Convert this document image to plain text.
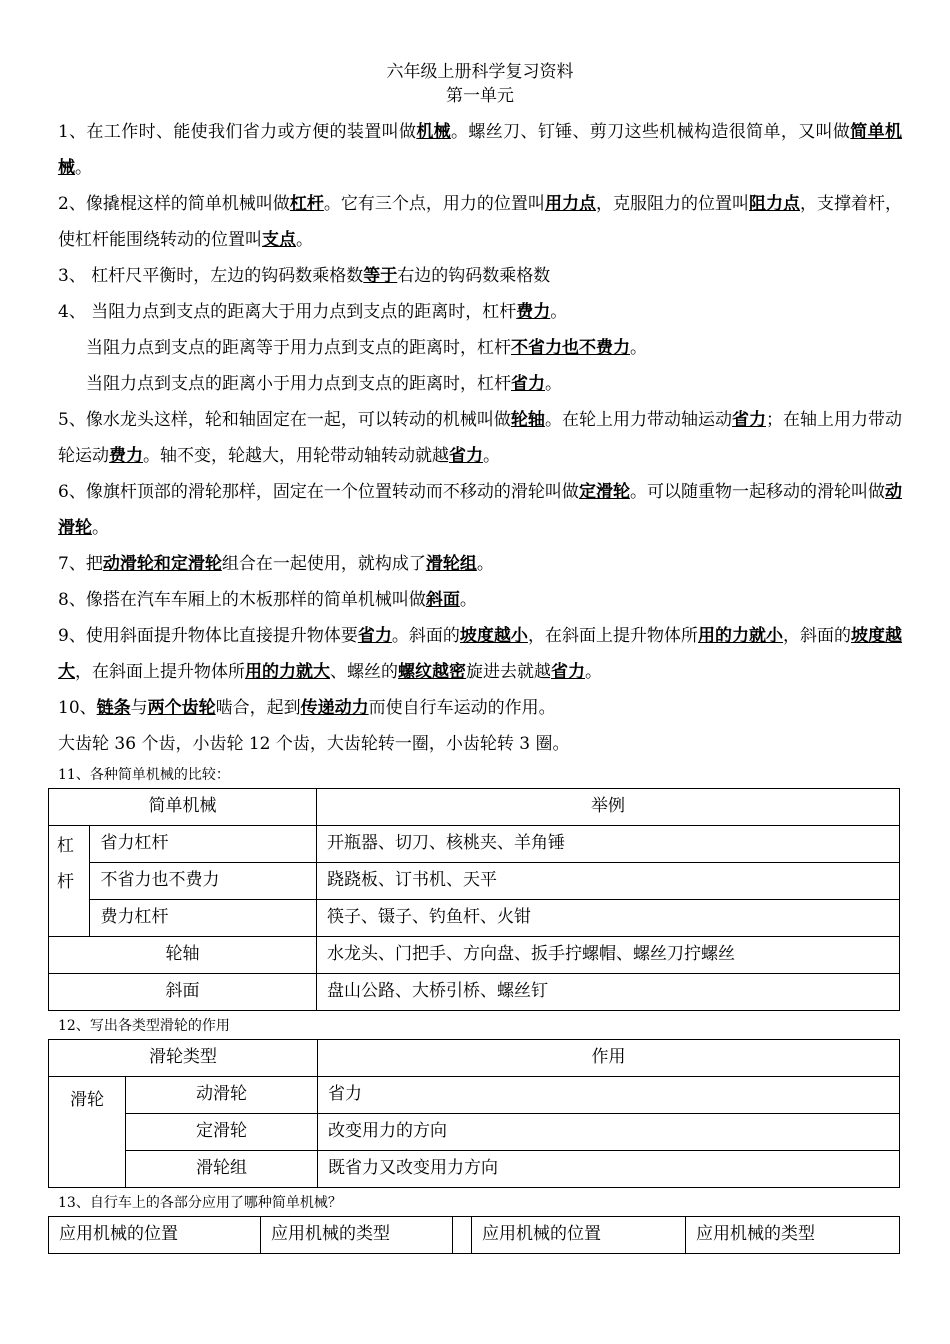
六年级上册科学复习资料
第一单元

1、在工作时、能使我们省力或方便的装置叫做机械。螺丝刀、钉锤、剪刀这些机械构造很简单，又叫做简单机械。

2、像撬棍这样的简单机械叫做杠杆。它有三个点，用力的位置叫用力点，克服阻力的位置叫阻力点，支撑着杆，使杠杆能围绕转动的位置叫支点。

3、 杠杆尺平衡时，左边的钩码数乘格数等于右边的钩码数乘格数

4、 当阻力点到支点的距离大于用力点到支点的距离时，杠杆费力。

当阻力点到支点的距离等于用力点到支点的距离时，杠杆不省力也不费力。

当阻力点到支点的距离小于用力点到支点的距离时，杠杆省力。

5、像水龙头这样，轮和轴固定在一起，可以转动的机械叫做轮轴。在轮上用力带动轴运动省力；在轴上用力带动轮运动费力。轴不变，轮越大，用轮带动轴转动就越省力。

6、像旗杆顶部的滑轮那样，固定在一个位置转动而不移动的滑轮叫做定滑轮。可以随重物一起移动的滑轮叫做动滑轮。

7、把动滑轮和定滑轮组合在一起使用，就构成了滑轮组。

8、像搭在汽车车厢上的木板那样的简单机械叫做斜面。

9、使用斜面提升物体比直接提升物体要省力。斜面的坡度越小，在斜面上提升物体所用的力就小，斜面的坡度越大，在斜面上提升物体所用的力就大、螺丝的螺纹越密旋进去就越省力。

10、链条与两个齿轮啮合，起到传递动力而使自行车运动的作用。

大齿轮 36 个齿，小齿轮 12 个齿，大齿轮转一圈，小齿轮转 3 圈。

11、各种简单机械的比较：

简单机械		举例
杠杆	省力杠杆	开瓶器、切刀、核桃夹、羊角锤
	不省力也不费力	跷跷板、订书机、天平
	费力杠杆	筷子、镊子、钓鱼杆、火钳
轮轴		水龙头、门把手、方向盘、扳手拧螺帽、螺丝刀拧螺丝
斜面		盘山公路、大桥引桥、螺丝钉

12、写出各类型滑轮的作用

滑轮类型		作用
滑轮	动滑轮	省力
	定滑轮	改变用力的方向
	滑轮组	既省力又改变用力方向

13、自行车上的各部分应用了哪种简单机械？

应用机械的位置	应用机械的类型		应用机械的位置	应用机械的类型
